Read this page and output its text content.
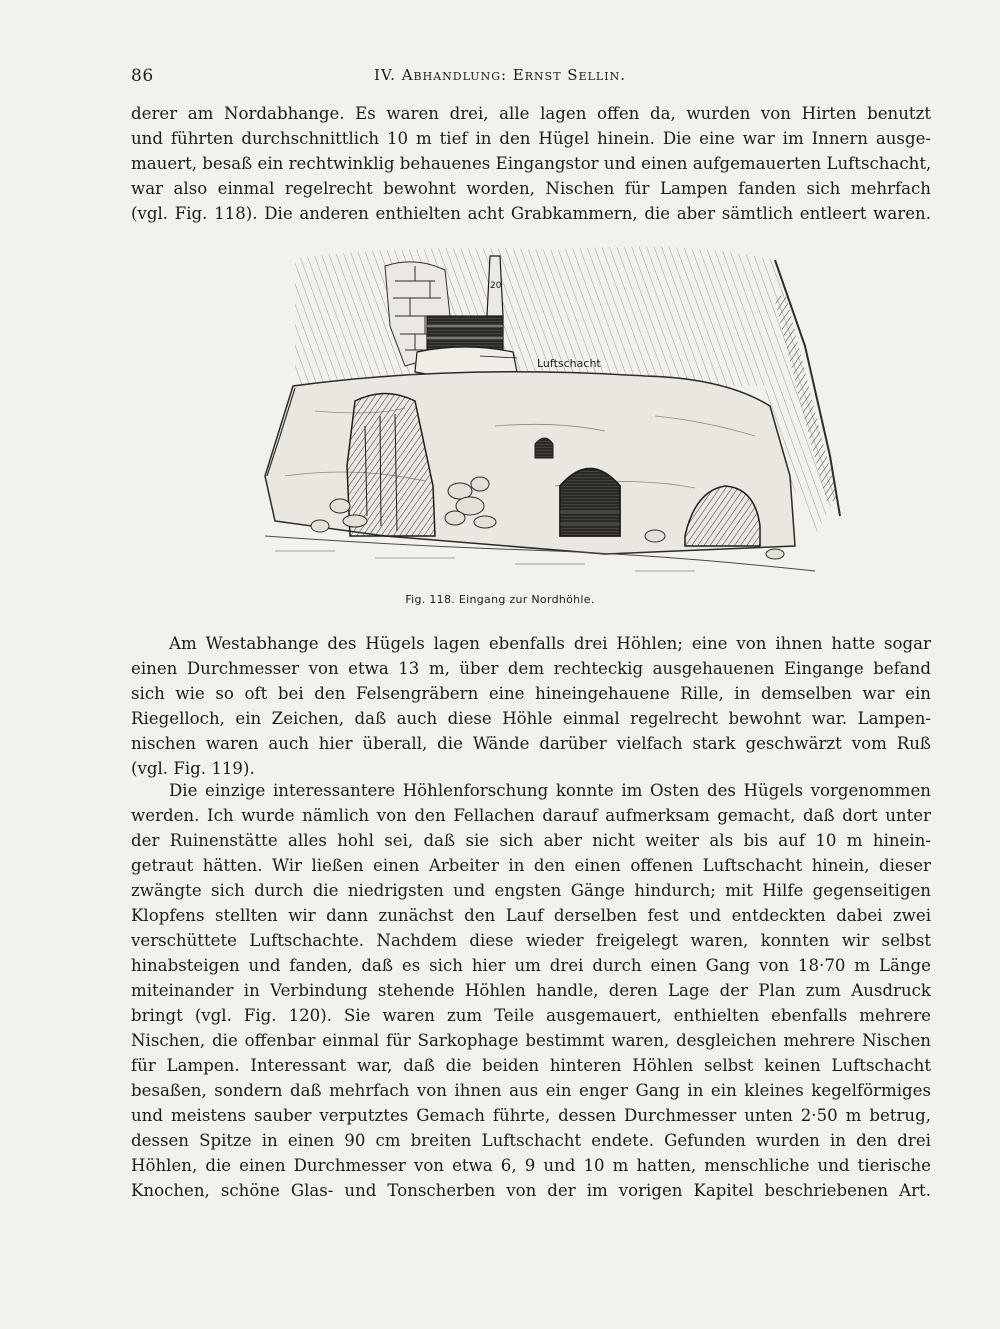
86	IV. Abhandlung: Ernst Sellin.
derer am Nordabhange. Es waren drei, alle lagen offen da, wurden von Hirten benutzt
und führten durchschnittlich 10 m tief in den Hügel hinein. Die eine war im Innern ausge-
mauert, besaß ein rechtwinklig behauenes Eingangstor und einen aufgemauerten Luftschacht,
war also einmal regelrecht bewohnt worden, Nischen für Lampen fanden sich mehrfach
(vgl. Fig. 118). Die anderen enthielten acht Grabkammern, die aber sämtlich entleert waren.
20
Luftschacht
Fig. 118. Eingang zur Nordhöhle.
Am Westabhange des Hügels lagen ebenfalls drei Höhlen; eine von ihnen hatte sogar
einen Durchmesser von etwa 13 m, über dem rechteckig ausgehauenen Eingange befand
sich wie so oft bei den Felsengräbern eine hineingehauene Rille, in demselben war ein
Riegelloch, ein Zeichen, daß auch diese Höhle einmal regelrecht bewohnt war. Lampen-
nischen waren auch hier überall, die Wände darüber vielfach stark geschwärzt vom Ruß
(vgl. Fig. 119).
Die einzige interessantere Höhlenforschung konnte im Osten des Hügels vorgenommen
werden. Ich wurde nämlich von den Fellachen darauf aufmerksam gemacht, daß dort unter
der Ruinenstätte alles hohl sei, daß sie sich aber nicht weiter als bis auf 10 m hinein-
getraut hätten. Wir ließen einen Arbeiter in den einen offenen Luftschacht hinein, dieser
zwängte sich durch die niedrigsten und engsten Gänge hindurch; mit Hilfe gegenseitigen
Klopfens stellten wir dann zunächst den Lauf derselben fest und entdeckten dabei zwei
verschüttete Luftschachte. Nachdem diese wieder freigelegt waren, konnten wir selbst
hinabsteigen und fanden, daß es sich hier um drei durch einen Gang von 18·70 m Länge
miteinander in Verbindung stehende Höhlen handle, deren Lage der Plan zum Ausdruck
bringt (vgl. Fig. 120). Sie waren zum Teile ausgemauert, enthielten ebenfalls mehrere
Nischen, die offenbar einmal für Sarkophage bestimmt waren, desgleichen mehrere Nischen
für Lampen. Interessant war, daß die beiden hinteren Höhlen selbst keinen Luftschacht
besaßen, sondern daß mehrfach von ihnen aus ein enger Gang in ein kleines kegelförmiges
und meistens sauber verputztes Gemach führte, dessen Durchmesser unten 2·50 m betrug,
dessen Spitze in einen 90 cm breiten Luftschacht endete. Gefunden wurden in den drei
Höhlen, die einen Durchmesser von etwa 6, 9 und 10 m hatten, menschliche und tierische
Knochen, schöne Glas- und Tonscherben von der im vorigen Kapitel beschriebenen Art.
